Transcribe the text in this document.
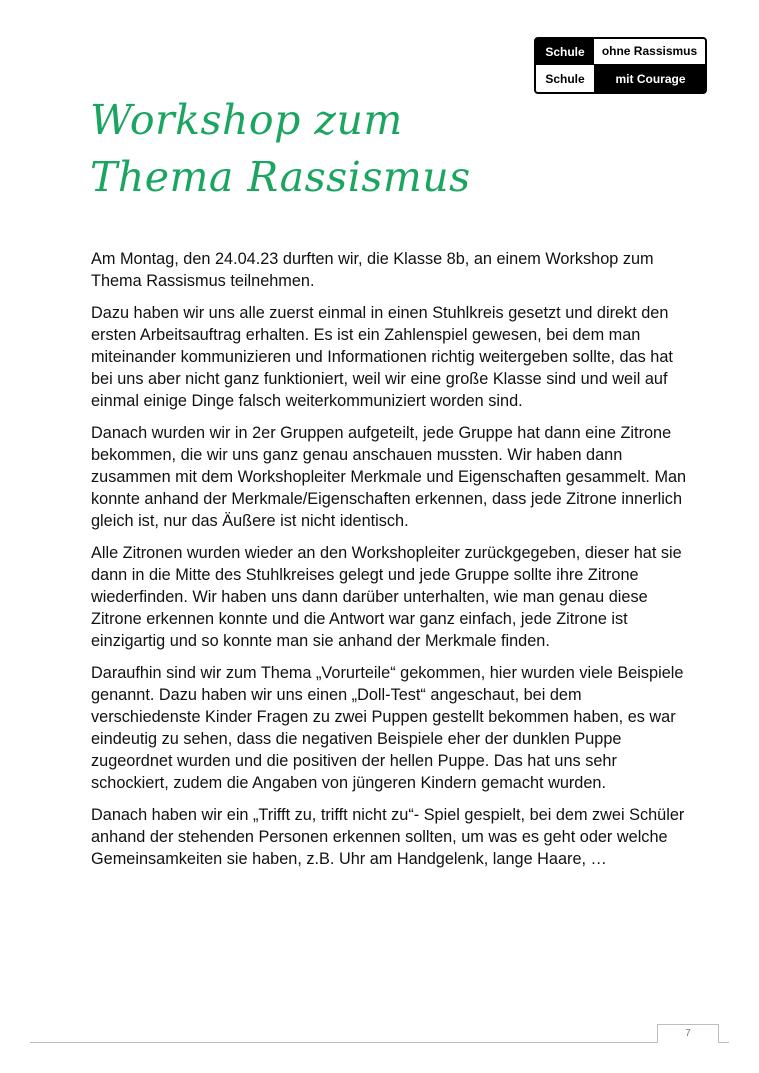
Schule	ohne Rassismus
Schule	mit Courage
Workshop zum
Thema Rassismus

Am Montag, den 24.04.23 durften wir, die Klasse 8b, an einem Workshop zum Thema Rassismus teilnehmen.

Dazu haben wir uns alle zuerst einmal in einen Stuhlkreis gesetzt und direkt den ersten Arbeitsauftrag erhalten. Es ist ein Zahlenspiel gewesen, bei dem man miteinander kommunizieren und Informationen richtig weitergeben sollte, das hat bei uns aber nicht ganz funktioniert, weil wir eine große Klasse sind und weil auf einmal einige Dinge falsch weiterkommuniziert worden sind.

Danach wurden wir in 2er Gruppen aufgeteilt, jede Gruppe hat dann eine Zitrone bekommen, die wir uns ganz genau anschauen mussten. Wir haben dann zusammen mit dem Workshopleiter Merkmale und Eigenschaften gesammelt. Man konnte anhand der Merkmale/Eigenschaften erkennen, dass jede Zitrone innerlich gleich ist, nur das Äußere ist nicht identisch.

Alle Zitronen wurden wieder an den Workshopleiter zurückgegeben, dieser hat sie dann in die Mitte des Stuhlkreises gelegt und jede Gruppe sollte ihre Zitrone wiederfinden. Wir haben uns dann darüber unterhalten, wie man genau diese Zitrone erkennen konnte und die Antwort war ganz einfach, jede Zitrone ist einzigartig und so konnte man sie anhand der Merkmale finden.

Daraufhin sind wir zum Thema „Vorurteile“ gekommen, hier wurden viele Beispiele genannt. Dazu haben wir uns einen „Doll-Test“ angeschaut, bei dem verschiedenste Kinder Fragen zu zwei Puppen gestellt bekommen haben, es war eindeutig zu sehen, dass die negativen Beispiele eher der dunklen Puppe zugeordnet wurden und die positiven der hellen Puppe. Das hat uns sehr schockiert, zudem die Angaben von jüngeren Kindern gemacht wurden.

Danach haben wir ein „Trifft zu, trifft nicht zu“- Spiel gespielt, bei dem zwei Schüler anhand der stehenden Personen erkennen sollten, um was es geht oder welche Gemeinsamkeiten sie haben, z.B. Uhr am Handgelenk, lange Haare, …

7
